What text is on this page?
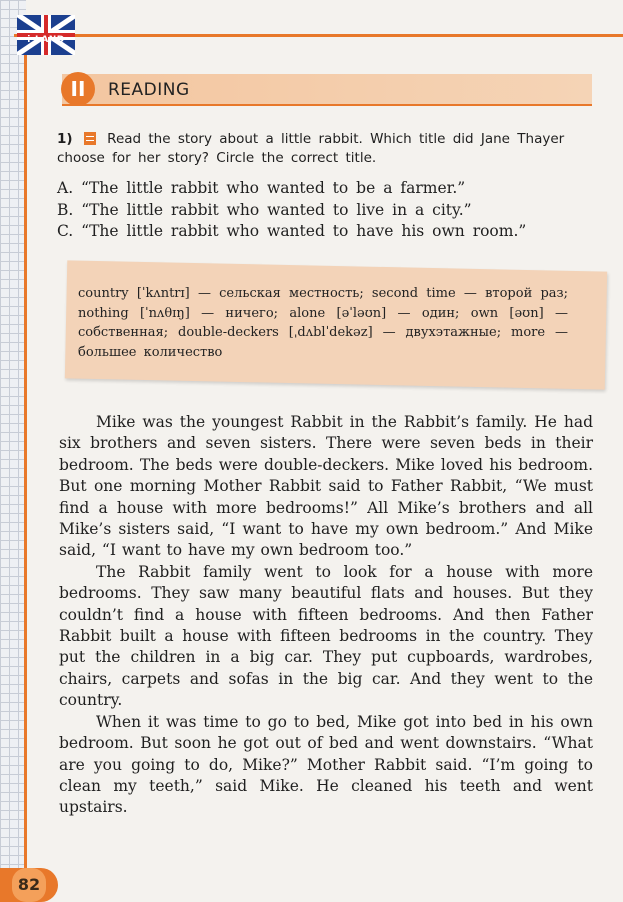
i-LAND
II	READING
1)	Read the story about a little rabbit. Which title did Jane Thayer choose for her story? Circle the correct title.
A. “The little rabbit who wanted to be a farmer.”
B. “The little rabbit who wanted to live in a city.”
C. “The little rabbit who wanted to have his own room.”
country [ˈkʌntrɪ] — сельская местность; second time — второй раз; nothing [ˈnʌθɪŋ] — ничего; alone [əˈləʊn] — один; own [əʊn] — собственная; double-deckers [ˌdʌblˈdekəz] — двухэтажные; more — большее количество

Mike was the youngest Rabbit in the Rabbit’s family. He had six brothers and seven sisters. There were seven beds in their bedroom. The beds were double-deckers. Mike loved his bedroom. But one morning Mother Rabbit said to Father Rabbit, “We must find a house with more bedrooms!” All Mike’s brothers and all Mike’s sisters said, “I want to have my own bedroom.” And Mike said, “I want to have my own bedroom too.”

The Rabbit family went to look for a house with more bedrooms. They saw many beautiful flats and houses. But they couldn’t find a house with fifteen bedrooms. And then Father Rabbit built a house with fifteen bedrooms in the country. They put the children in a big car. They put cupboards, wardrobes, chairs, carpets and sofas in the big car. And they went to the country.

When it was time to go to bed, Mike got into bed in his own bedroom. But soon he got out of bed and went downstairs. “What are you going to do, Mike?” Mother Rabbit said. “I’m going to clean my teeth,” said Mike. He cleaned his teeth and went upstairs.

82
